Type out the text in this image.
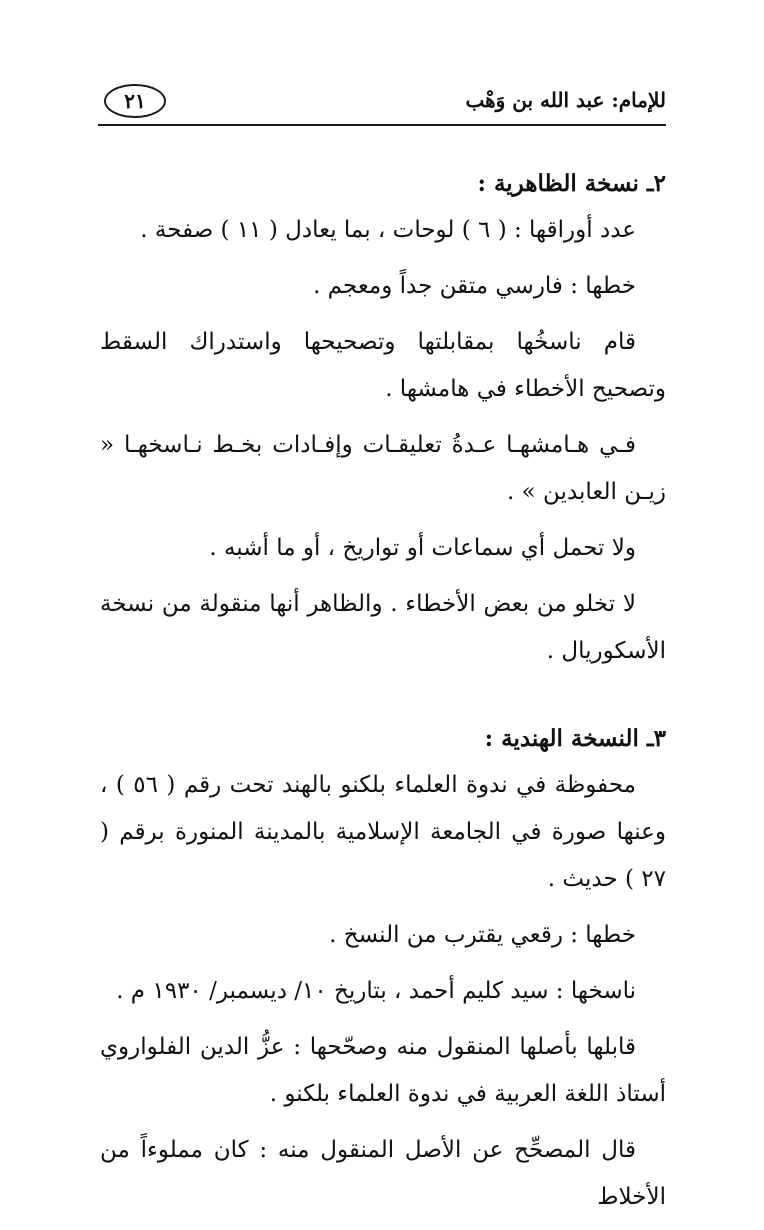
للإمام: عبد الله بن وَهْب
٢١

٢ـ نسخة الظاهرية :

عدد أوراقها : ( ٦ ) لوحات ، بما يعادل ( ١١ ) صفحة .

خطها : فارسي متقن جداً ومعجم .

قام ناسخُها بمقابلتها وتصحيحها واستدراك السقط وتصحيح الأخطاء في هامشها .

فـي هـامشهـا عـدةُ تعليقـات وإفـادات بخـط نـاسخهـا « زيـن العابدين » .

ولا تحمل أي سماعات أو تواريخ ، أو ما أشبه .

لا تخلو من بعض الأخطاء . والظاهر أنها منقولة من نسخة الأسكوريال .

٣ـ النسخة الهندية :

محفوظة في ندوة العلماء بلكنو بالهند تحت رقم ( ٥٦ ) ، وعنها صورة في الجامعة الإسلامية بالمدينة المنورة برقم ( ٢٧ ) حديث .

خطها : رقعي يقترب من النسخ .

ناسخها : سيد كليم أحمد ، بتاريخ ١٠/ ديسمبر/ ١٩٣٠ م .

قابلها بأصلها المنقول منه وصحّحها : عزُّ الدين الفلواروي أستاذ اللغة العربية في ندوة العلماء بلكنو .

قال المصحِّح عن الأصل المنقول منه : كان مملوءاً من الأخلاط
